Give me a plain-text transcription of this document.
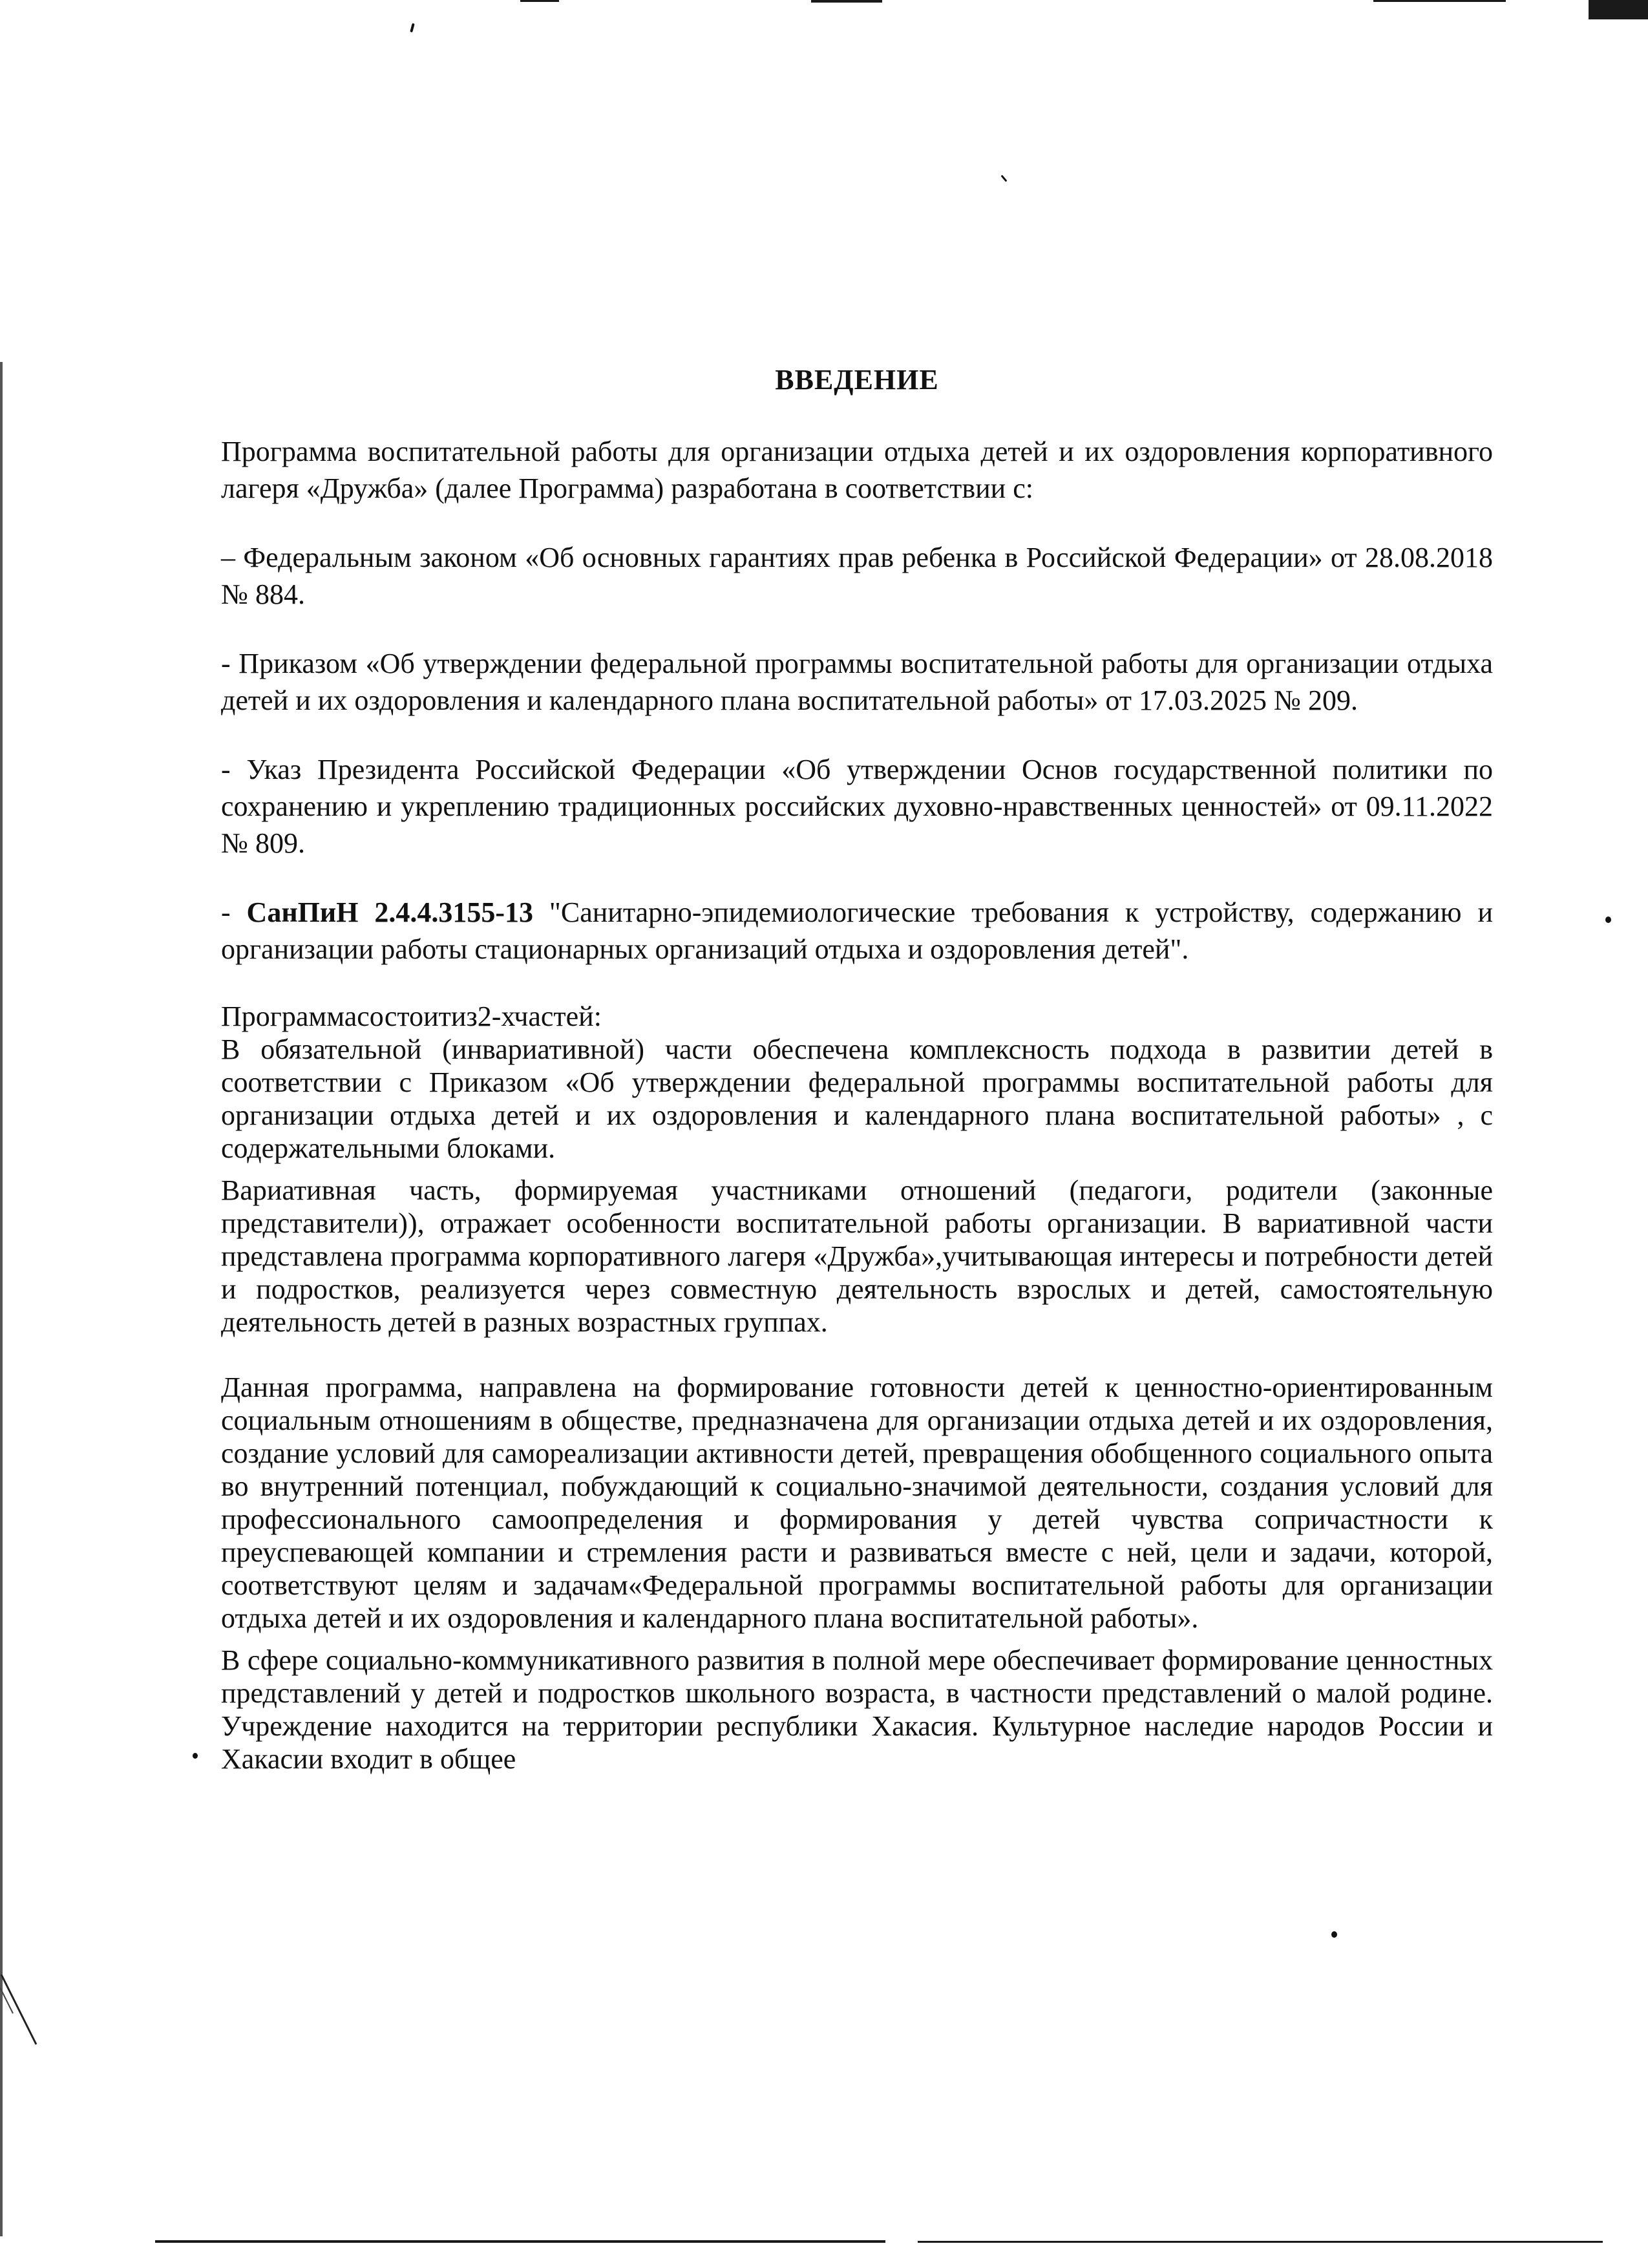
ВВЕДЕНИЕ

Программа воспитательной работы для организации отдыха детей и их оздоровления корпоративного лагеря «Дружба» (далее Программа) разработана в соответствии с:

– Федеральным законом «Об основных гарантиях прав ребенка в Российской Федерации» от 28.08.2018 № 884.

- Приказом «Об утверждении федеральной программы воспитательной работы для организации отдыха детей и их оздоровления и календарного плана воспитательной работы» от 17.03.2025 № 209.

- Указ Президента Российской Федерации «Об утверждении Основ государственной политики по сохранению и укреплению традиционных российских духовно-нравственных ценностей» от 09.11.2022 № 809.

- СанПиН 2.4.4.3155-13 "Санитарно-эпидемиологические требования к устройству, содержанию и организации работы стационарных организаций отдыха и оздоровления детей".

Программасостоитиз2-хчастей:

В обязательной (инвариативной) части обеспечена комплексность подхода в развитии детей в соответствии с Приказом «Об утверждении федеральной программы воспитательной работы для организации отдыха детей и их оздоровления и календарного плана воспитательной работы» , с содержательными блоками.

Вариативная часть, формируемая участниками отношений (педагоги, родители (законные представители)), отражает особенности воспитательной работы организации. В вариативной части представлена программа корпоративного лагеря «Дружба»,учитывающая интересы и потребности детей и подростков, реализуется через совместную деятельность взрослых и детей, самостоятельную деятельность детей в разных возрастных группах.

Данная программа, направлена на формирование готовности детей к ценностно-ориентированным социальным отношениям в обществе, предназначена для организации отдыха детей и их оздоровления, создание условий для самореализации активности детей, превращения обобщенного социального опыта во внутренний потенциал, побуждающий к социально-значимой деятельности, создания условий для профессионального самоопределения и формирования у детей чувства сопричастности к преуспевающей компании и стремления расти и развиваться вместе с ней, цели и задачи, которой, соответствуют целям и задачам«Федеральной программы воспитательной работы для организации отдыха детей и их оздоровления и календарного плана воспитательной работы».

В сфере социально-коммуникативного развития в полной мере обеспечивает формирование ценностных представлений у детей и подростков школьного возраста, в частности представлений о малой родине. Учреждение находится на территории республики Хакасия. Культурное наследие народов России и Хакасии входит в общее
